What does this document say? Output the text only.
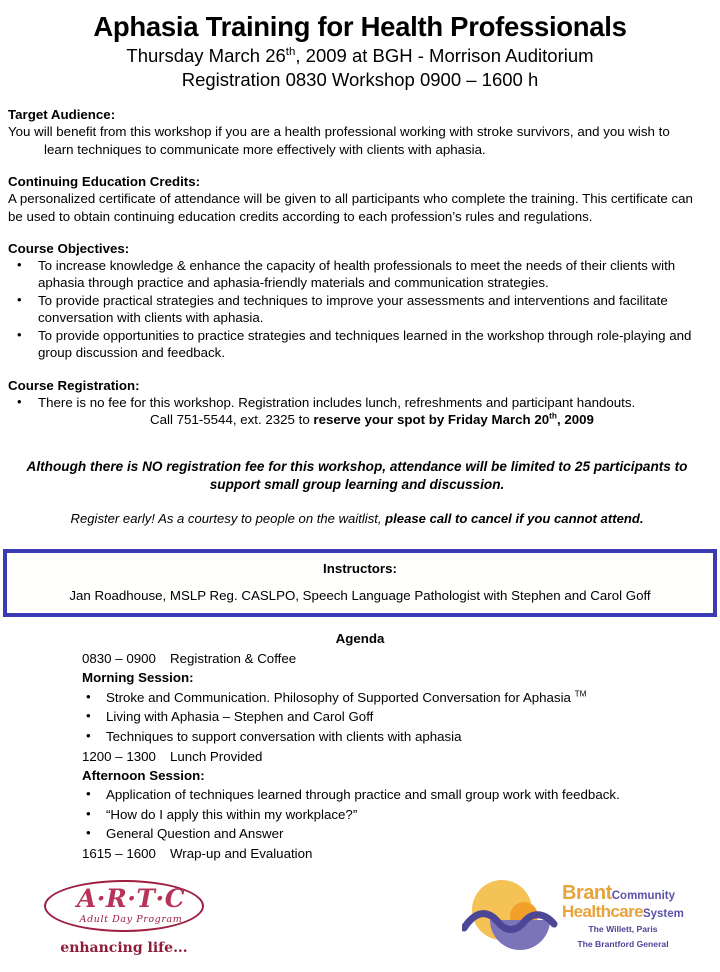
Aphasia Training for Health Professionals
Thursday March 26th, 2009 at BGH - Morrison Auditorium
Registration 0830 Workshop 0900 – 1600 h
Target Audience:
You will benefit from this workshop if you are a health professional working with stroke survivors, and you wish to
learn techniques to communicate more effectively with clients with aphasia.
Continuing Education Credits:
A personalized certificate of attendance will be given to all participants who complete the training. This certificate can be used to obtain continuing education credits according to each profession’s rules and regulations.
Course Objectives:
• To increase knowledge & enhance the capacity of health professionals to meet the needs of their clients with aphasia through practice and aphasia-friendly materials and communication strategies.
• To provide practical strategies and techniques to improve your assessments and interventions and facilitate conversation with clients with aphasia.
• To provide opportunities to practice strategies and techniques learned in the workshop through role-playing and group discussion and feedback.
Course Registration:
• There is no fee for this workshop. Registration includes lunch, refreshments and participant handouts.
Call 751-5544, ext. 2325 to reserve your spot by Friday March 20th, 2009
Although there is NO registration fee for this workshop, attendance will be limited to 25 participants to support small group learning and discussion.
Register early! As a courtesy to people on the waitlist, please call to cancel if you cannot attend.
Instructors:
Jan Roadhouse, MSLP Reg. CASLPO, Speech Language Pathologist with Stephen and Carol Goff
Agenda
0830 – 0900 Registration & Coffee
Morning Session:
• Stroke and Communication. Philosophy of Supported Conversation for Aphasia ™
• Living with Aphasia – Stephen and Carol Goff
• Techniques to support conversation with clients with aphasia
1200 – 1300 Lunch Provided
Afternoon Session:
• Application of techniques learned through practice and small group work with feedback.
• “How do I apply this within my workplace?”
• General Question and Answer
1615 – 1600 Wrap-up and Evaluation
A·R·T·C
Adult Day Program
enhancing life...
BrantCommunity
HealthcareSystem
The Willett, Paris
The Brantford General
